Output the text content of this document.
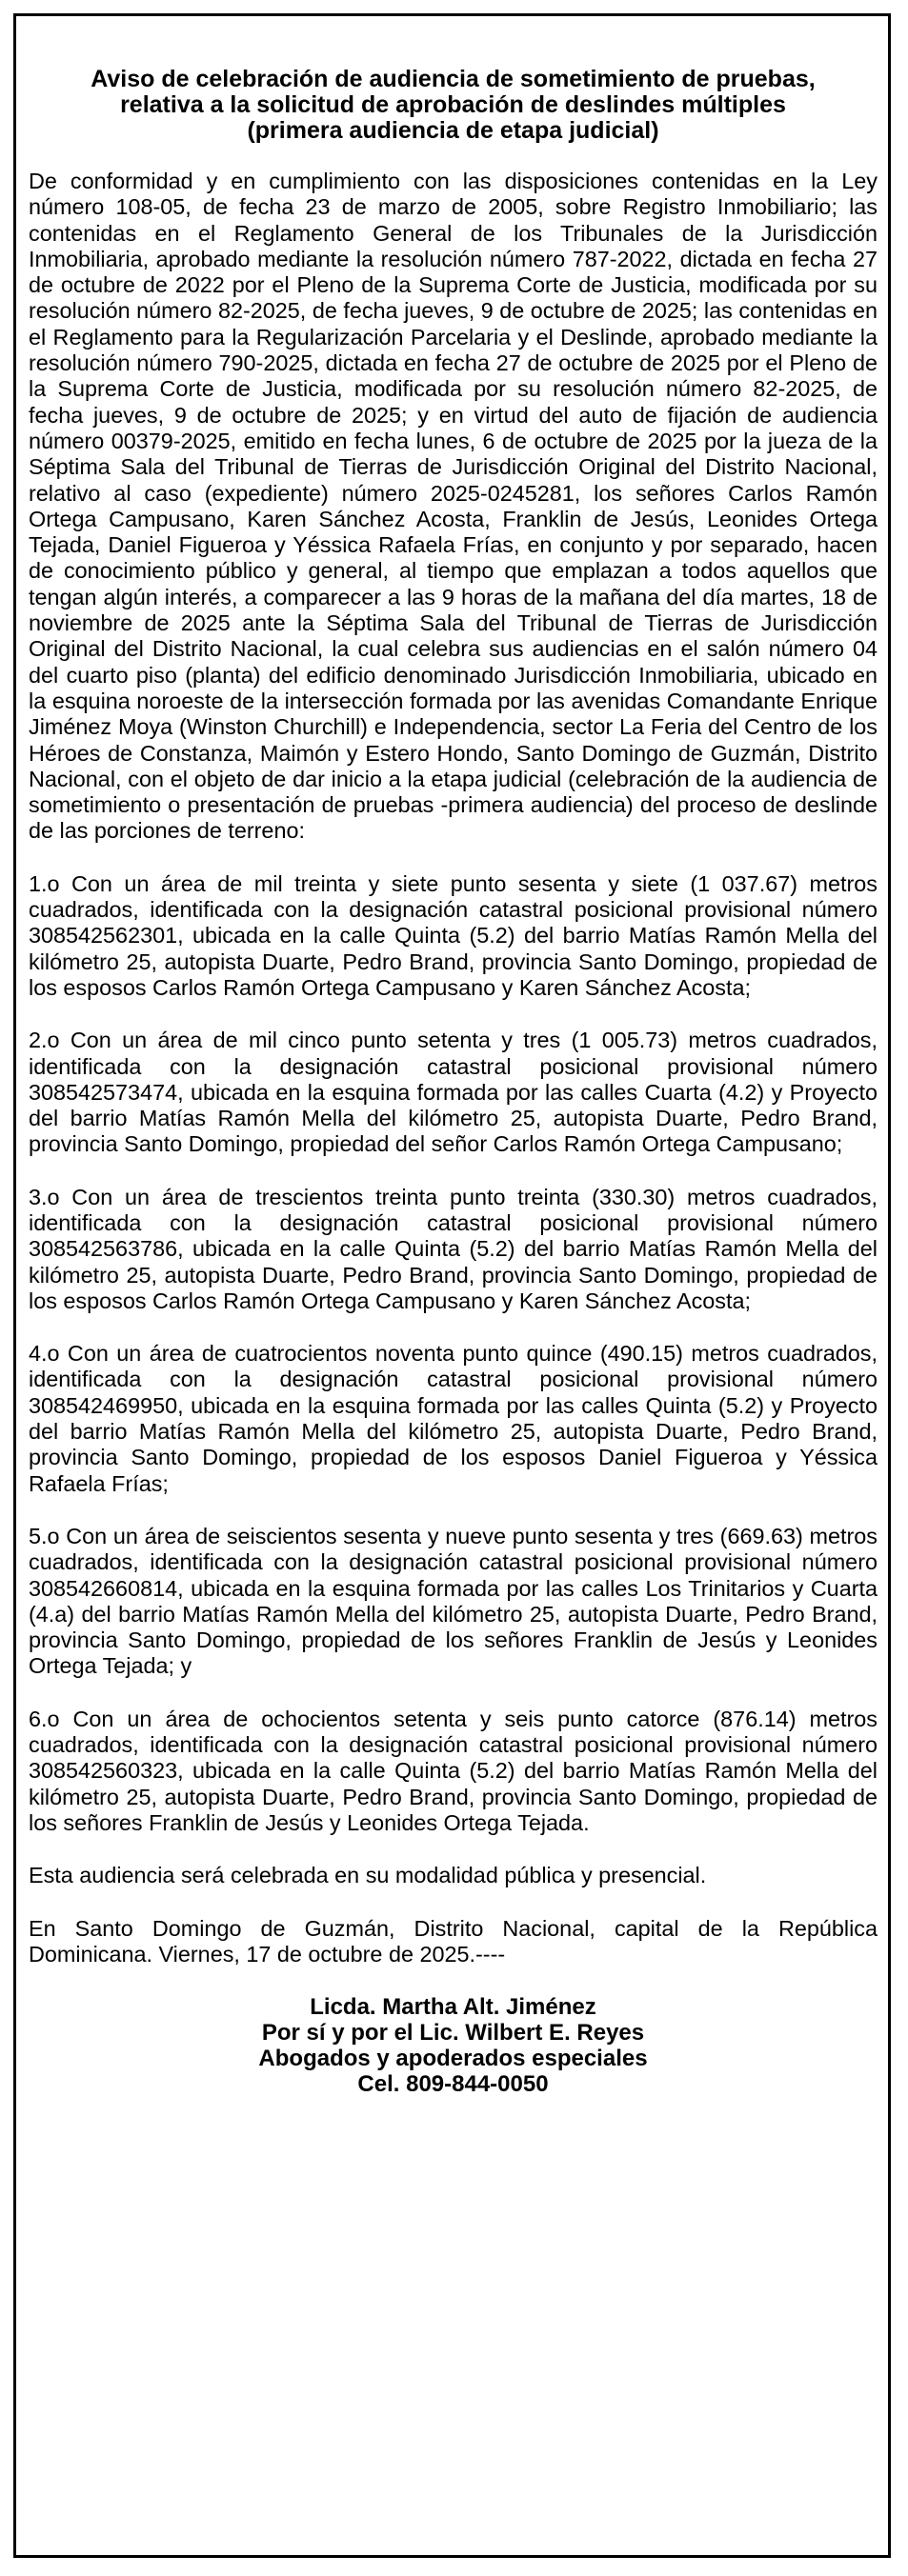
Aviso de celebración de audiencia de sometimiento de pruebas,
relativa a la solicitud de aprobación de deslindes múltiples
(primera audiencia de etapa judicial)

De conformidad y en cumplimiento con las disposiciones contenidas en la Ley número 108-05, de fecha 23 de marzo de 2005, sobre Registro Inmobiliario; las contenidas en el Reglamento General de los Tribunales de la Jurisdicción Inmobiliaria, aprobado mediante la resolución número 787-2022, dictada en fecha 27 de octubre de 2022 por el Pleno de la Suprema Corte de Justicia, modificada por su resolución número 82-2025, de fecha jueves, 9 de octubre de 2025; las contenidas en el Reglamento para la Regularización Parcelaria y el Deslinde, aprobado mediante la resolución número 790-2025, dictada en fecha 27 de octubre de 2025 por el Pleno de la Suprema Corte de Justicia, modificada por su resolución número 82-2025, de fecha jueves, 9 de octubre de 2025; y en virtud del auto de fijación de audiencia número 00379-2025, emitido en fecha lunes, 6 de octubre de 2025 por la jueza de la Séptima Sala del Tribunal de Tierras de Jurisdicción Original del Distrito Nacional, relativo al caso (expediente) número 2025-0245281, los señores Carlos Ramón Ortega Campusano, Karen Sánchez Acosta, Franklin de Jesús, Leonides Ortega Tejada, Daniel Figueroa y Yéssica Rafaela Frías, en conjunto y por separado, hacen de conocimiento público y general, al tiempo que emplazan a todos aquellos que tengan algún interés, a comparecer a las 9 horas de la mañana del día martes, 18 de noviembre de 2025 ante la Séptima Sala del Tribunal de Tierras de Jurisdicción Original del Distrito Nacional, la cual celebra sus audiencias en el salón número 04 del cuarto piso (planta) del edificio denominado Jurisdicción Inmobiliaria, ubicado en la esquina noroeste de la intersección formada por las avenidas Comandante Enrique Jiménez Moya (Winston Churchill) e Independencia, sector La Feria del Centro de los Héroes de Constanza, Maimón y Estero Hondo, Santo Domingo de Guzmán, Distrito Nacional, con el objeto de dar inicio a la etapa judicial (celebración de la audiencia de sometimiento o presentación de pruebas -primera audiencia) del proceso de deslinde de las porciones de terreno:

1.o Con un área de mil treinta y siete punto sesenta y siete (1 037.67) metros cuadrados, identificada con la designación catastral posicional provisional número 308542562301, ubicada en la calle Quinta (5.2) del barrio Matías Ramón Mella del kilómetro 25, autopista Duarte, Pedro Brand, provincia Santo Domingo, propiedad de los esposos Carlos Ramón Ortega Campusano y Karen Sánchez Acosta;

2.o Con un área de mil cinco punto setenta y tres (1 005.73) metros cuadrados, identificada con la designación catastral posicional provisional número 308542573474, ubicada en la esquina formada por las calles Cuarta (4.2) y Proyecto del barrio Matías Ramón Mella del kilómetro 25, autopista Duarte, Pedro Brand, provincia Santo Domingo, propiedad del señor Carlos Ramón Ortega Campusano;

3.o Con un área de trescientos treinta punto treinta (330.30) metros cuadrados, identificada con la designación catastral posicional provisional número 308542563786, ubicada en la calle Quinta (5.2) del barrio Matías Ramón Mella del kilómetro 25, autopista Duarte, Pedro Brand, provincia Santo Domingo, propiedad de los esposos Carlos Ramón Ortega Campusano y Karen Sánchez Acosta;

4.o Con un área de cuatrocientos noventa punto quince (490.15) metros cuadrados, identificada con la designación catastral posicional provisional número 308542469950, ubicada en la esquina formada por las calles Quinta (5.2) y Proyecto del barrio Matías Ramón Mella del kilómetro 25, autopista Duarte, Pedro Brand, provincia Santo Domingo, propiedad de los esposos Daniel Figueroa y Yéssica Rafaela Frías;

5.o Con un área de seiscientos sesenta y nueve punto sesenta y tres (669.63) metros cuadrados, identificada con la designación catastral posicional provisional número 308542660814, ubicada en la esquina formada por las calles Los Trinitarios y Cuarta (4.a) del barrio Matías Ramón Mella del kilómetro 25, autopista Duarte, Pedro Brand, provincia Santo Domingo, propiedad de los señores Franklin de Jesús y Leonides Ortega Tejada; y

6.o Con un área de ochocientos setenta y seis punto catorce (876.14) metros cuadrados, identificada con la designación catastral posicional provisional número 308542560323, ubicada en la calle Quinta (5.2) del barrio Matías Ramón Mella del kilómetro 25, autopista Duarte, Pedro Brand, provincia Santo Domingo, propiedad de los señores Franklin de Jesús y Leonides Ortega Tejada.

Esta audiencia será celebrada en su modalidad pública y presencial.

En Santo Domingo de Guzmán, Distrito Nacional, capital de la República Dominicana. Viernes, 17 de octubre de 2025.----

Licda. Martha Alt. Jiménez
Por sí y por el Lic. Wilbert E. Reyes
Abogados y apoderados especiales
Cel. 809-844-0050
